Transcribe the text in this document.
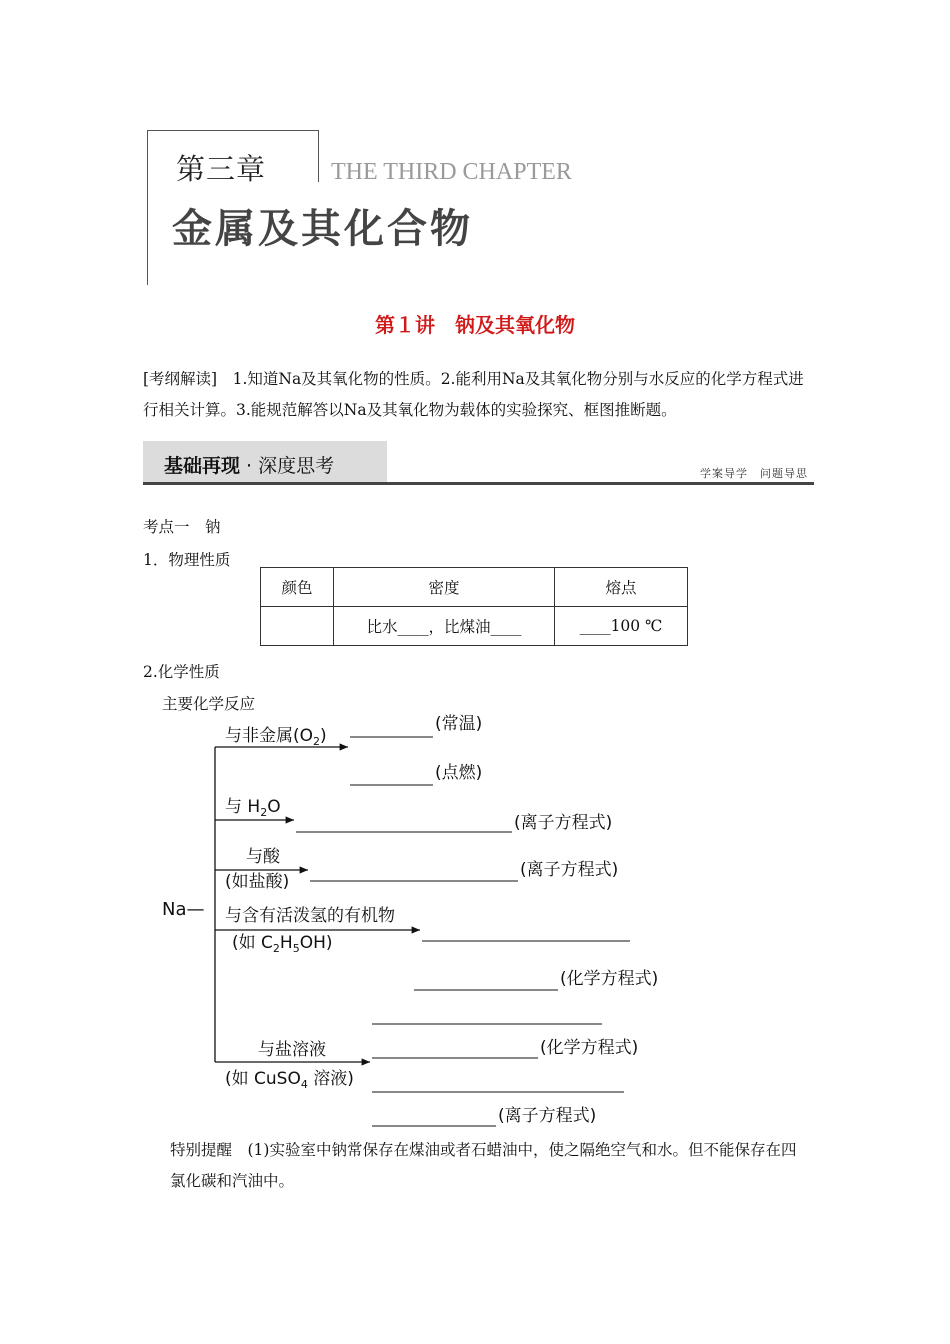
第三章	THE THIRD CHAPTER
金属及其化合物
第１讲　钠及其氧化物
[考纲解读]　1.知道Na及其氧化物的性质。2.能利用Na及其氧化物分别与水反应的化学方程式进行相关计算。3.能规范解答以Na及其氧化物为载体的实验探究、框图推断题。
基础再现 · 深度思考	学案导学　问题导思
考点一　钠
1．物理性质
颜色	密度	熔点
	比水____，比煤油____	____100 ℃
2.化学性质
主要化学反应
Na—
与非金属$(O_2)$
(常温)
(点燃)
与 $H_2O$
(离子方程式)
与酸
(如盐酸)
(离子方程式)
与含有活泼氢的有机物
(如 $C_2H_5OH$)
(化学方程式)
与盐溶液
(如 CuSO$_4$ 溶液)
(化学方程式)
(离子方程式)
特别提醒　(1)实验室中钠常保存在煤油或者石蜡油中，使之隔绝空气和水。但不能保存在四氯化碳和汽油中。
